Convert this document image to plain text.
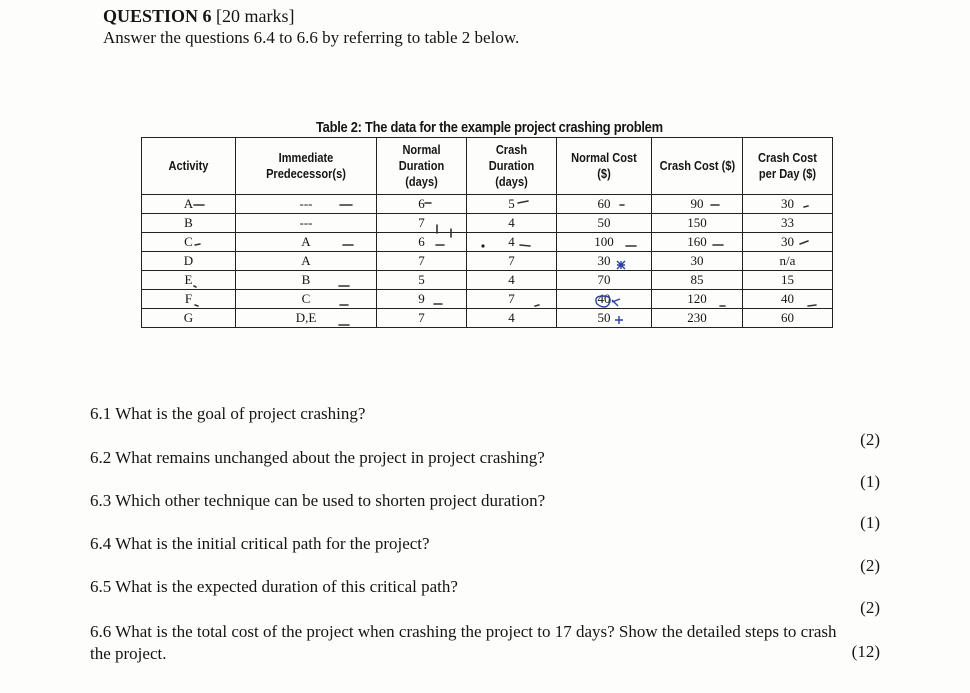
QUESTION 6 [20 marks]
Answer the questions 6.4 to 6.6 by referring to table 2 below.
Table 2: The data for the example project crashing problem
Activity	Immediate Predecessor(s)	Normal Duration (days)	Crash Duration (days)	Normal Cost ($)	Crash Cost ($)	Crash Cost per Day ($)
A	---	6	5	60	90	30
B	---	7	4	50	150	33
C	A	6	4	100	160	30
D	A	7	7	30	30	n/a
E	B	5	4	70	85	15
F	C	9	7	40	120	40
G	D,E	7	4	50	230	60
6.1 What is the goal of project crashing?
(2)
6.2 What remains unchanged about the project in project crashing?
(1)
6.3 Which other technique can be used to shorten project duration?
(1)
6.4 What is the initial critical path for the project?
(2)
6.5 What is the expected duration of this critical path?
(2)
6.6 What is the total cost of the project when crashing the project to 17 days? Show the detailed steps to crash the project.	(12)
